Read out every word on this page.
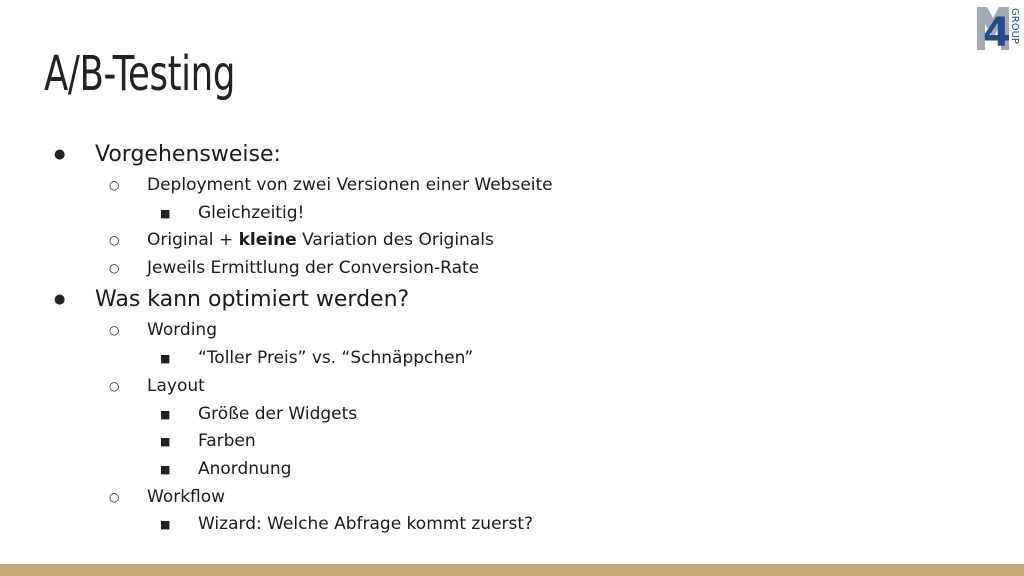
A/B-Testing
4
GROUP
● Vorgehensweise:
○ Deployment von zwei Versionen einer Webseite
■ Gleichzeitig!
○ Original + kleine Variation des Originals
○ Jeweils Ermittlung der Conversion-Rate
● Was kann optimiert werden?
○ Wording
■ “Toller Preis” vs. “Schnäppchen”
○ Layout
■ Größe der Widgets
■ Farben
■ Anordnung
○ Workflow
■ Wizard: Welche Abfrage kommt zuerst?
